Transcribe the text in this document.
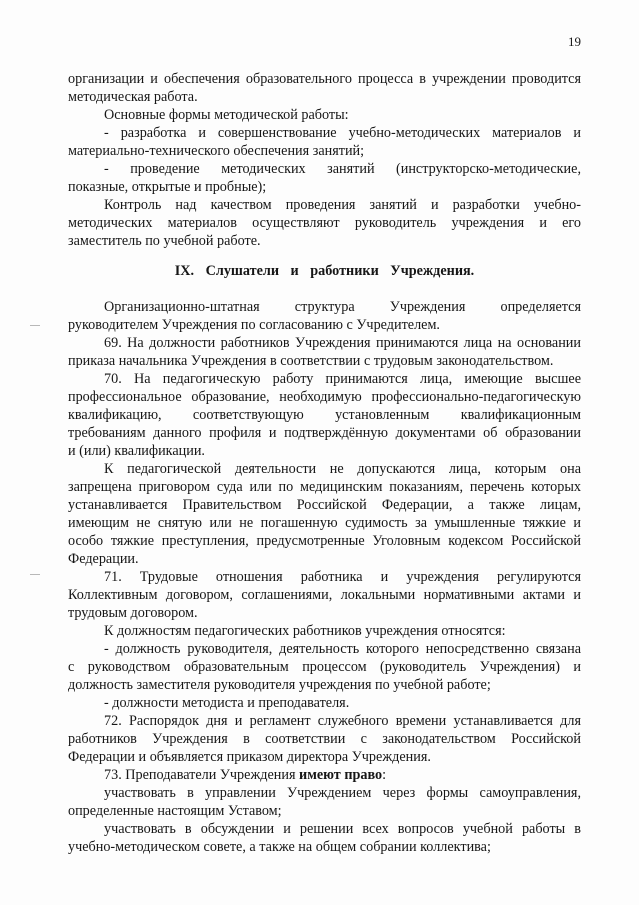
19
организации и обеспечения образовательного процесса в учреждении проводится
методическая работа.
Основные формы методической работы:
- разработка и совершенствование учебно-методических материалов и
материально-технического обеспечения занятий;
- проведение методических занятий (инструкторско-методические,
показные, открытые и пробные);
Контроль над качеством проведения занятий и разработки учебно-
методических материалов осуществляют руководитель учреждения и его
заместитель по учебной работе.
IX. Слушатели и работники Учреждения.
Организационно-штатная структура Учреждения определяется
руководителем Учреждения по согласованию с Учредителем.
69. На должности работников Учреждения принимаются лица на основании
приказа начальника Учреждения в соответствии с трудовым законодательством.
70. На педагогическую работу принимаются лица, имеющие высшее
профессиональное образование, необходимую профессионально-педагогическую
квалификацию, соответствующую установленным квалификационным
требованиям данного профиля и подтверждённую документами об образовании
и (или) квалификации.
К педагогической деятельности не допускаются лица, которым она
запрещена приговором суда или по медицинским показаниям, перечень которых
устанавливается Правительством Российской Федерации, а также лицам,
имеющим не снятую или не погашенную судимость за умышленные тяжкие и
особо тяжкие преступления, предусмотренные Уголовным кодексом Российской
Федерации.
71. Трудовые отношения работника и учреждения регулируются
Коллективным договором, соглашениями, локальными нормативными актами и
трудовым договором.
К должностям педагогических работников учреждения относятся:
- должность руководителя, деятельность которого непосредственно связана
с руководством образовательным процессом (руководитель Учреждения) и
должность заместителя руководителя учреждения по учебной работе;
- должности методиста и преподавателя.
72. Распорядок дня и регламент служебного времени устанавливается для
работников Учреждения в соответствии с законодательством Российской
Федерации и объявляется приказом директора Учреждения.
73. Преподаватели Учреждения имеют право:
участвовать в управлении Учреждением через формы самоуправления,
определенные настоящим Уставом;
участвовать в обсуждении и решении всех вопросов учебной работы в
учебно-методическом совете, а также на общем собрании коллектива;
